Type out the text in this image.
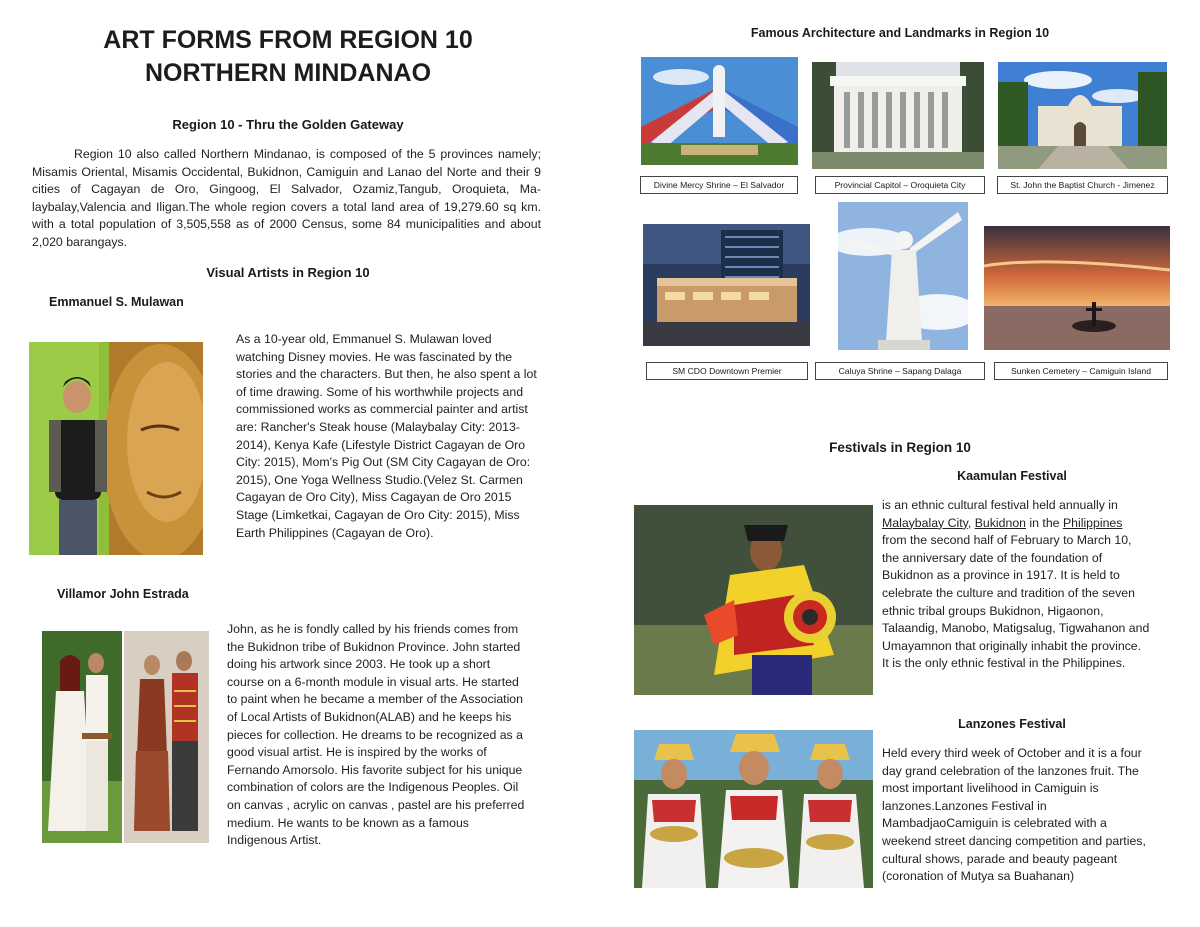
ART FORMS FROM REGION 10
NORTHERN MINDANAO
Region 10 - Thru the Golden Gateway
Region 10 also called Northern Mindanao, is composed of the 5 provinces namely; Misamis Oriental, Misamis Occidental, Bukidnon, Camiguin and Lanao del Norte and their 9 cities of Cagayan de Oro, Gingoog, El Salvador, Ozamiz,Tangub, Oroquieta, Ma- laybalay,Valencia and Iligan.The whole region covers a total land area of 19,279.60 sq km. with a total population of 3,505,558 as of 2000 Census, some 84 municipalities and about 2,020 barangays.
Visual Artists in Region 10
Emmanuel S. Mulawan
As a 10-year old, Emmanuel S. Mulawan loved watching Disney movies. He was fascinated by the stories and the characters. But then, he also spent a lot of time drawing. Some of his worthwhile projects and commissioned works as commercial painter and artist are: Rancher's Steak house (Malaybalay City: 2013-2014), Kenya Kafe (Lifestyle District Cagayan de Oro City: 2015), Mom's Pig Out (SM City Cagayan de Oro: 2015), One Yoga Wellness Studio.(Velez St. Carmen Cagayan de Oro City), Miss Cagayan de Oro 2015 Stage (Limketkai, Cagayan de Oro City: 2015), Miss Earth Philippines (Cagayan de Oro).
Villamor John Estrada
John, as he is fondly called by his friends comes from the Bukidnon tribe of Bukidnon Province. John started doing his artwork since 2003. He took up a short course on a 6-month module in visual arts. He started to paint when he became a member of the Association of Local Artists of Bukidnon(ALAB) and he keeps his pieces for collection. He dreams to be recognized as a good visual artist. He is inspired by the works of Fernando Amorsolo. His favorite subject for his unique combination of colors are the Indigenous Peoples. Oil on canvas , acrylic on canvas , pastel are his preferred medium. He wants to be known as a famous Indigenous Artist.
Famous Architecture and Landmarks in Region 10
Divine Mercy Shrine – El Salvador	Provincial Capitol – Oroquieta City	St. John the Baptist Church - Jimenez
SM CDO Downtown Premier	Caluya Shrine – Sapang Dalaga	Sunken Cemetery – Camiguin Island
Festivals in Region 10
Kaamulan Festival
is an ethnic cultural festival held annually in Malaybalay City, Bukidnon in the Philippines from the second half of February to March 10, the anniversary date of the foundation of Bukidnon as a province in 1917. It is held to celebrate the culture and tradition of the seven ethnic tribal groups Bukidnon, Higaonon, Talaandig, Manobo, Matigsalug, Tigwahanon and Umayamnon that originally inhabit the province. It is the only ethnic festival in the Philippines.
Lanzones Festival
Held every third week of October and it is a four day grand celebration of the lanzones fruit. The most important livelihood in Camiguin is lanzones.Lanzones Festival in MambadjaoCamiguin is celebrated with a weekend street dancing competition and parties, cultural shows, parade and beauty pageant (coronation of Mutya sa Buahanan)
